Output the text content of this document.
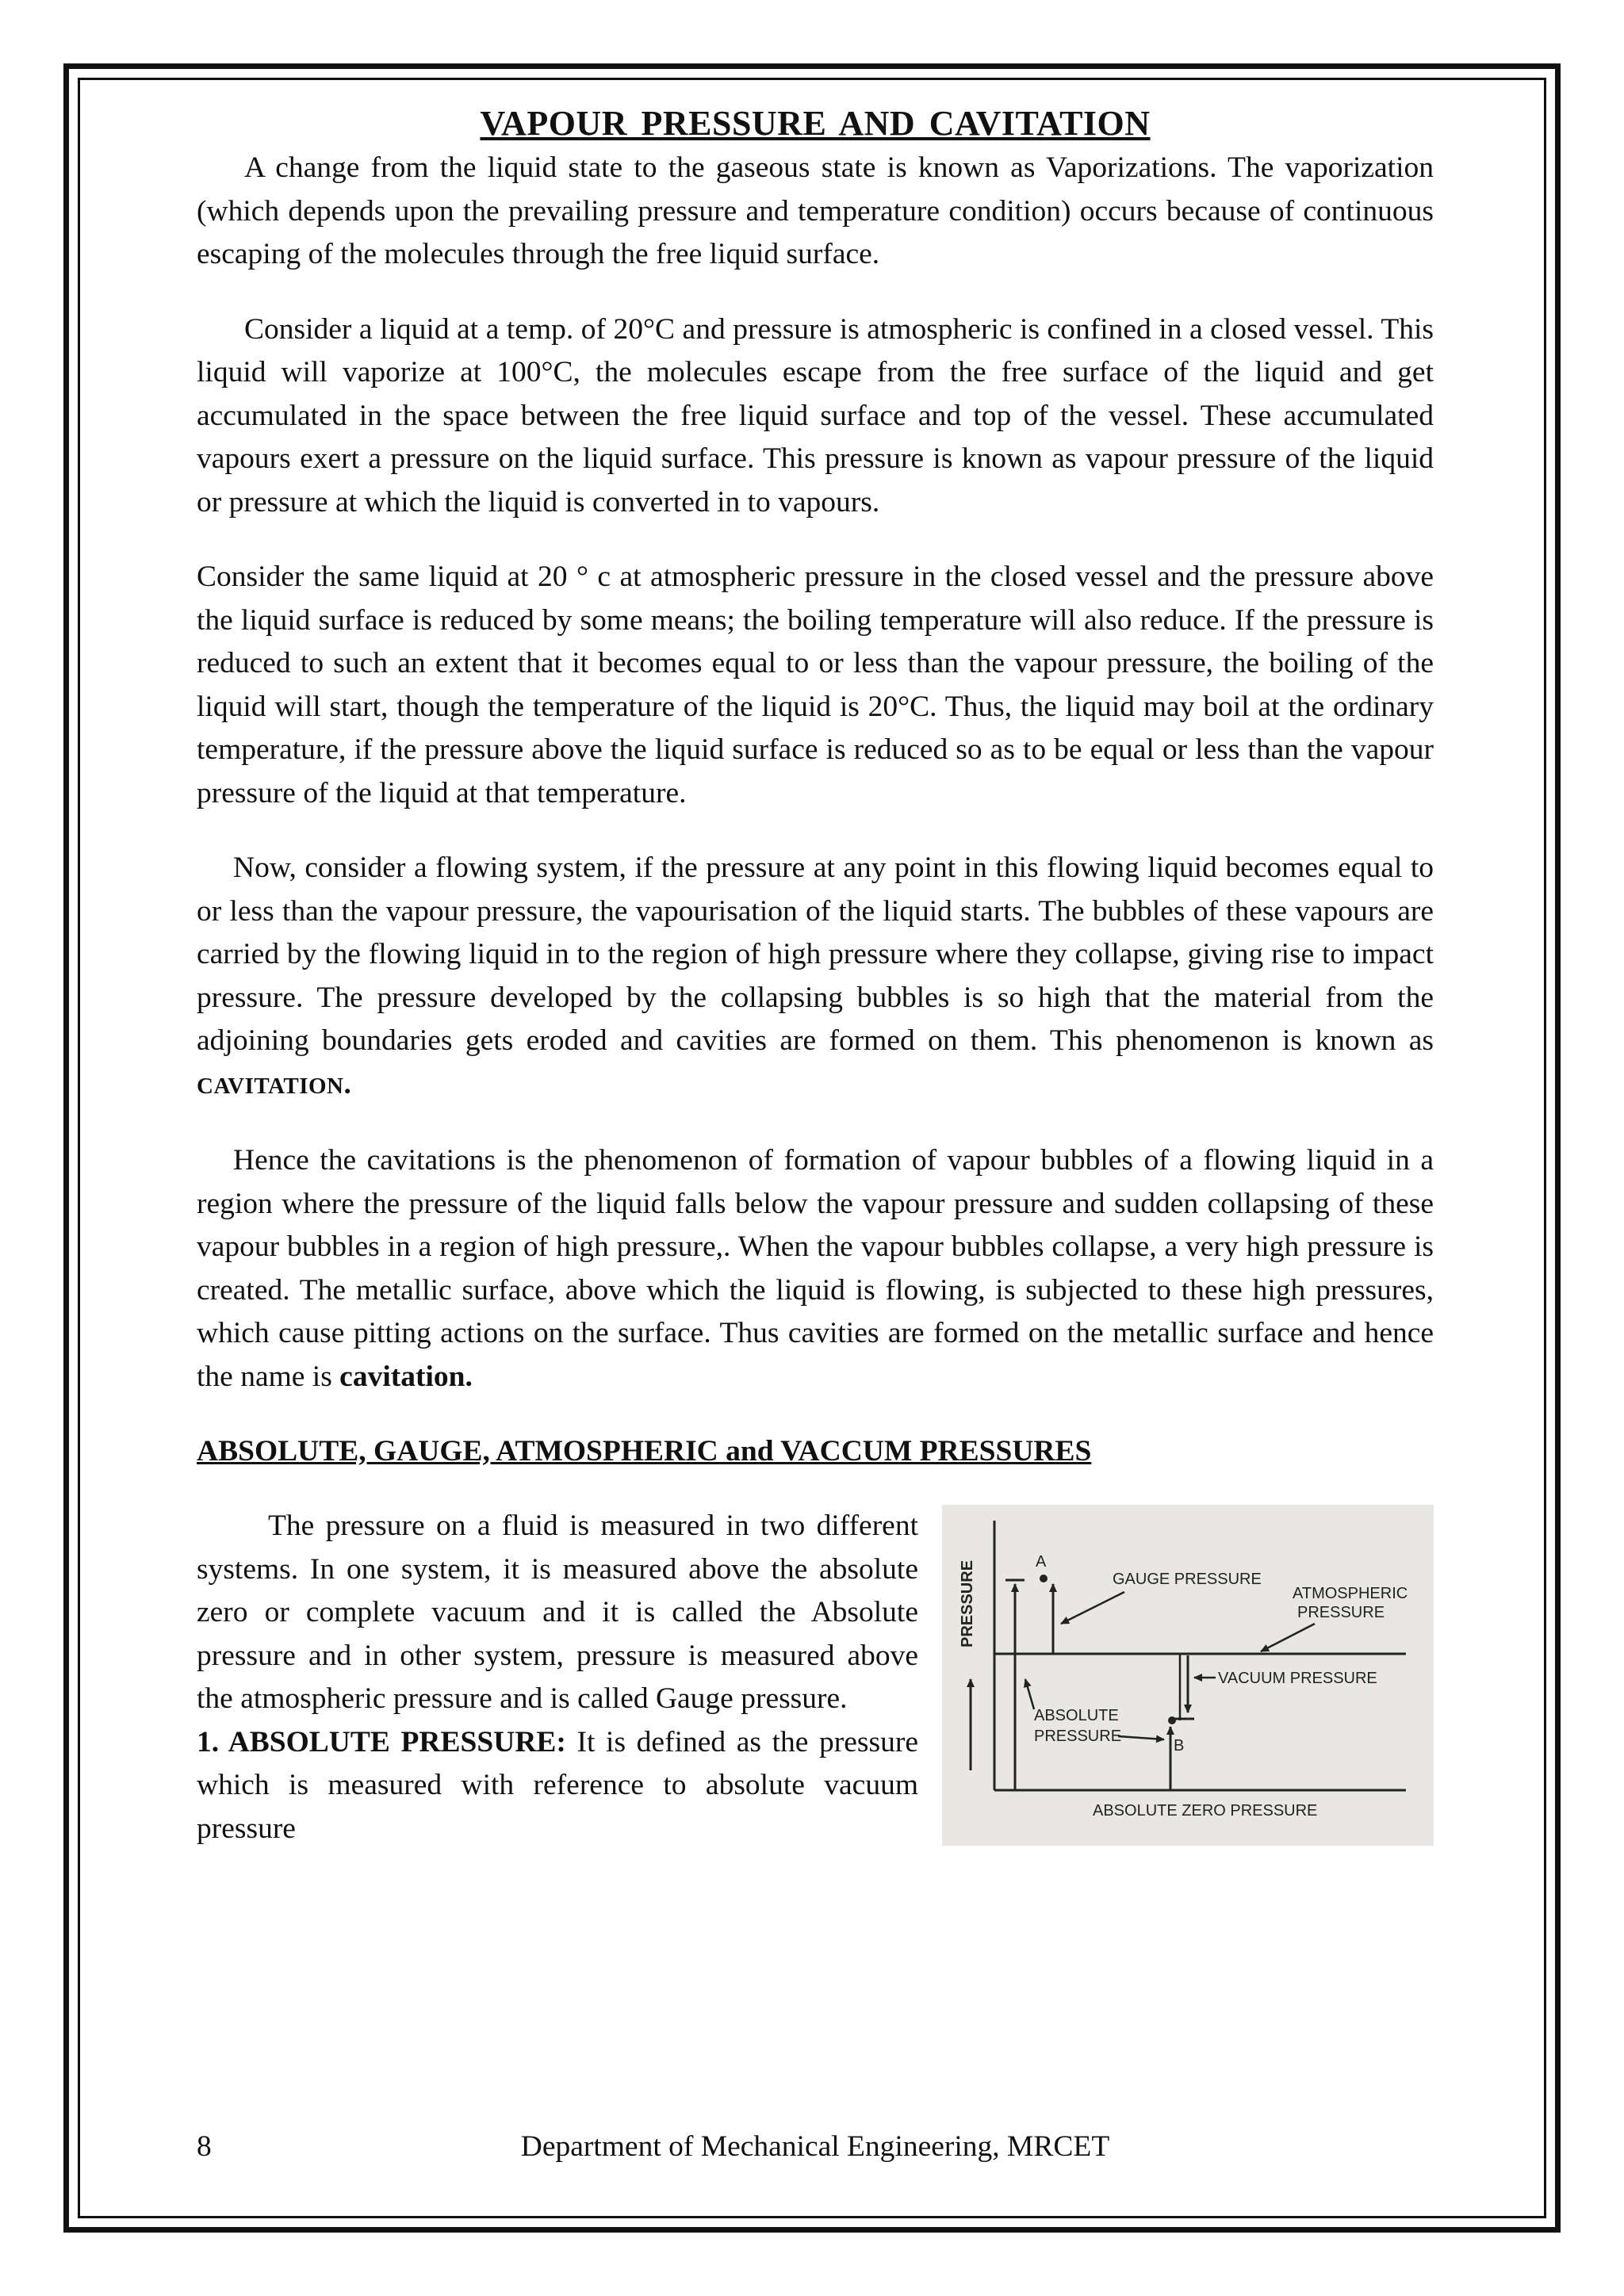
VAPOUR PRESSURE AND CAVITATION

A change from the liquid state to the gaseous state is known as Vaporizations. The vaporization (which depends upon the prevailing pressure and temperature condition) occurs because of continuous escaping of the molecules through the free liquid surface.

Consider a liquid at a temp. of 20°C and pressure is atmospheric is confined in a closed vessel. This liquid will vaporize at 100°C, the molecules escape from the free surface of the liquid and get accumulated in the space between the free liquid surface and top of the vessel. These accumulated vapours exert a pressure on the liquid surface. This pressure is known as vapour pressure of the liquid or pressure at which the liquid is converted in to vapours.

Consider the same liquid at 20 ° c at atmospheric pressure in the closed vessel and the pressure above the liquid surface is reduced by some means; the boiling temperature will also reduce. If the pressure is reduced to such an extent that it becomes equal to or less than the vapour pressure, the boiling of the liquid will start, though the temperature of the liquid is 20°C. Thus, the liquid may boil at the ordinary temperature, if the pressure above the liquid surface is reduced so as to be equal or less than the vapour pressure of the liquid at that temperature.

Now, consider a flowing system, if the pressure at any point in this flowing liquid becomes equal to or less than the vapour pressure, the vapourisation of the liquid starts. The bubbles of these vapours are carried by the flowing liquid in to the region of high pressure where they collapse, giving rise to impact pressure. The pressure developed by the collapsing bubbles is so high that the material from the adjoining boundaries gets eroded and cavities are formed on them. This phenomenon is known as CAVITATION.

Hence the cavitations is the phenomenon of formation of vapour bubbles of a flowing liquid in a region where the pressure of the liquid falls below the vapour pressure and sudden collapsing of these vapour bubbles in a region of high pressure,. When the vapour bubbles collapse, a very high pressure is created. The metallic surface, above which the liquid is flowing, is subjected to these high pressures, which cause pitting actions on the surface. Thus cavities are formed on the metallic surface and hence the name is cavitation.

ABSOLUTE, GAUGE, ATMOSPHERIC and VACCUM PRESSURES

The pressure on a fluid is measured in two different systems. In one system, it is measured above the absolute zero or complete vacuum and it is called the Absolute pressure and in other system, pressure is measured above the atmospheric pressure and is called Gauge pressure.

1. ABSOLUTE PRESSURE: It is defined as the pressure which is measured with reference to absolute vacuum pressure

PRESSURE	A
GAUGE PRESSURE
ATMOSPHERIC
PRESSURE
B
VACUUM PRESSURE
ABSOLUTE
PRESSURE
ABSOLUTE ZERO PRESSURE
8	Department of Mechanical Engineering, MRCET
